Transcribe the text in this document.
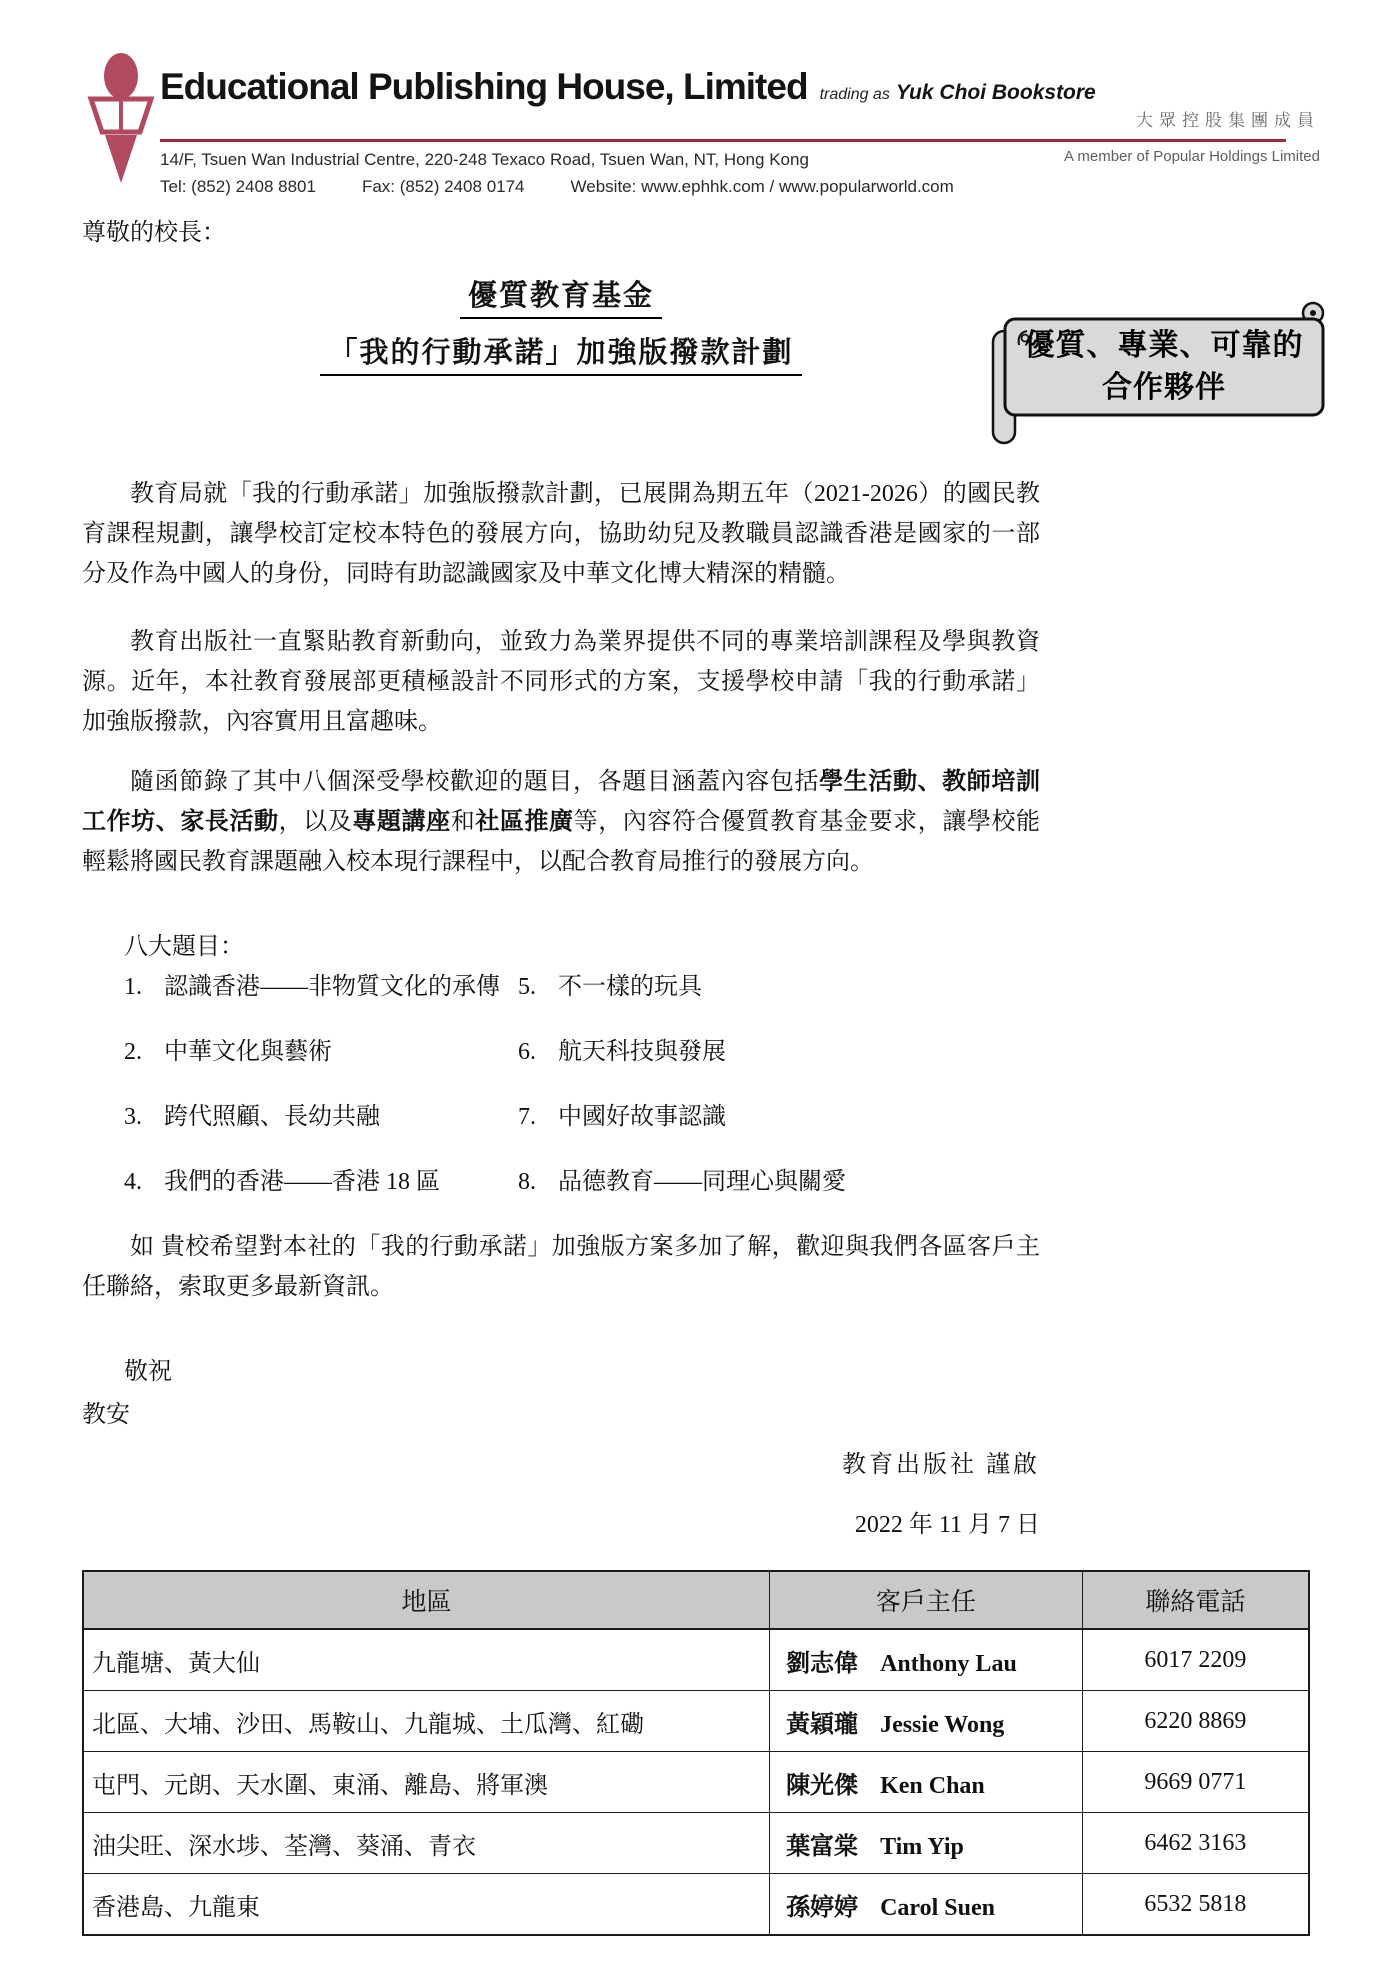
Educational Publishing House, Limited trading as Yuk Choi Bookstore
大眾控股集團成員
A member of Popular Holdings Limited
14/F, Tsuen Wan Industrial Centre, 220-248 Texaco Road, Tsuen Wan, NT, Hong Kong
Tel: (852) 2408 8801	Fax: (852) 2408 0174	Website: www.ephhk.com / www.popularworld.com
優質、專業、可靠的
合作夥伴
尊敬的校長：
優質教育基金
「我的行動承諾」加強版撥款計劃

教育局就「我的行動承諾」加強版撥款計劃，已展開為期五年（2021-2026）的國民教育課程規劃，讓學校訂定校本特色的發展方向，協助幼兒及教職員認識香港是國家的一部分及作為中國人的身份，同時有助認識國家及中華文化博大精深的精髓。

教育出版社一直緊貼教育新動向，並致力為業界提供不同的專業培訓課程及學與教資源。近年，本社教育發展部更積極設計不同形式的方案，支援學校申請「我的行動承諾」加強版撥款，內容實用且富趣味。

隨函節錄了其中八個深受學校歡迎的題目，各題目涵蓋內容包括學生活動、教師培訓工作坊、家長活動，以及專題講座和社區推廣等，內容符合優質教育基金要求，讓學校能輕鬆將國民教育課題融入校本現行課程中，以配合教育局推行的發展方向。

八大題目：
1. 認識香港——非物質文化的承傳 5. 不一樣的玩具
2. 中華文化與藝術	6. 航天科技與發展
3. 跨代照顧、長幼共融	7. 中國好故事認識
4. 我們的香港——香港 18 區	8. 品德教育——同理心與關愛

如 貴校希望對本社的「我的行動承諾」加強版方案多加了解，歡迎與我們各區客戶主任聯絡，索取更多最新資訊。

敬祝
教安
教育出版社 謹啟
2022 年 11 月 7 日
地區	客戶主任	聯絡電話
九龍塘、黃大仙	劉志偉 Anthony Lau	6017 2209
北區、大埔、沙田、馬鞍山、九龍城、土瓜灣、紅磡	黃穎瓏 Jessie Wong	6220 8869
屯門、元朗、天水圍、東涌、離島、將軍澳	陳光傑 Ken Chan	9669 0771
油尖旺、深水埗、荃灣、葵涌、青衣	葉富棠 Tim Yip	6462 3163
香港島、九龍東	孫婷婷 Carol Suen	6532 5818
